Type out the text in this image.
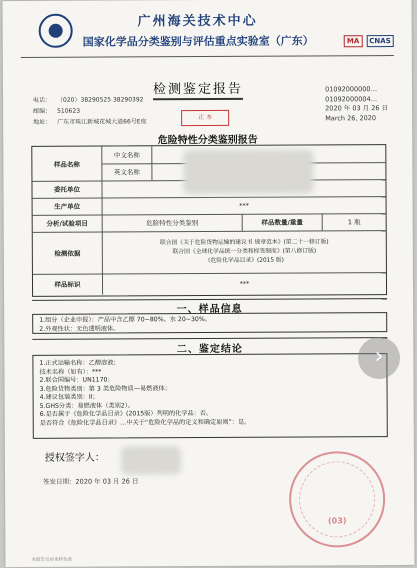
广州海关技术中心
国家化学品分类鉴别与评估重点实验室（广东）	MA	CNAS
检测鉴定报告
电话： （020）38290525 38290392
邮编： 510623
地址： 广东市珠江新城花城大道66号E座
正 本
01092000000…
01092000004…
2020 年 03 月 26 日
March 26, 2020
危险特性分类鉴别报告
样品名称
中文名称
英文名称
委托单位
生产单位	***
分析/试验项目	危险特性分类鉴别	样品数量/重量	1 瓶
检测依据
联合国《关于危险货物运输的建议书 规章范本》(第二十一修订版)
联合国《全球化学品统一分类和标签制度》(第八修订版)
《危险化学品目录》(2015 版)
样品标识	***
一、样品信息
1.组分（企业申报）：产品中含乙醇 70~80%、水 20~30%。
2.外观性状：无色透明液体。
二、鉴定结论
1.正式运输名称：乙醇溶液；
技术名称（如有）：***
2.联合国编号：UN1170；
3.危险货物类别：第 3 类危险物质—易燃液体；
4.建议包装类别：II；
5.GHS分类：易燃液体（类别2）。
6.是否属于《危险化学品目录》(2015版）列明的化学品：否。
是否符合《危险化学品目录》…中关于“危险化学品的定义和确定原则”：是。
授权签字人：
签发日期：2020 年 03 月 26 日
(03)
本报告仅对来样负责
›
